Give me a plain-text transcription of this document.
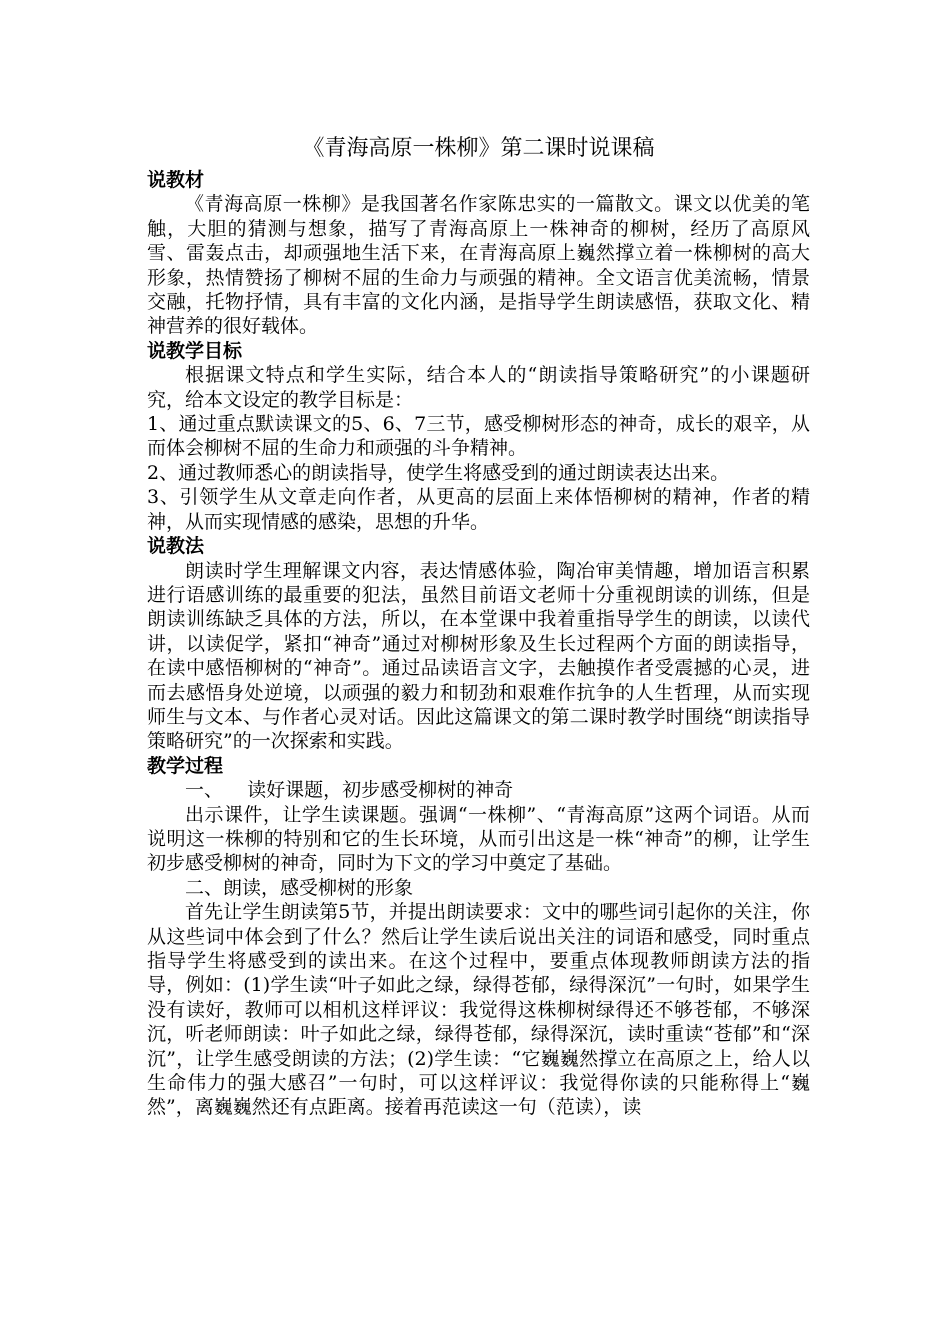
《青海高原一株柳》第二课时说课稿

说教材

《青海高原一株柳》是我国著名作家陈忠实的一篇散文。课文以优美的笔触，大胆的猜测与想象，描写了青海高原上一株神奇的柳树，经历了高原风雪、雷轰点击，却顽强地生活下来，在青海高原上巍然撑立着一株柳树的高大形象，热情赞扬了柳树不屈的生命力与顽强的精神。全文语言优美流畅，情景交融，托物抒情，具有丰富的文化内涵，是指导学生朗读感悟，获取文化、精神营养的很好载体。

说教学目标

根据课文特点和学生实际，结合本人的“朗读指导策略研究”的小课题研究，给本文设定的教学目标是：

1、通过重点默读课文的5、6、7三节，感受柳树形态的神奇，成长的艰辛，从而体会柳树不屈的生命力和顽强的斗争精神。

2、通过教师悉心的朗读指导，使学生将感受到的通过朗读表达出来。

3、引领学生从文章走向作者，从更高的层面上来体悟柳树的精神，作者的精神，从而实现情感的感染，思想的升华。

说教法

朗读时学生理解课文内容，表达情感体验，陶冶审美情趣，增加语言积累进行语感训练的最重要的犯法，虽然目前语文老师十分重视朗读的训练，但是朗读训练缺乏具体的方法，所以，在本堂课中我着重指导学生的朗读，以读代讲，以读促学，紧扣“神奇”通过对柳树形象及生长过程两个方面的朗读指导，在读中感悟柳树的“神奇”。通过品读语言文字，去触摸作者受震撼的心灵，进而去感悟身处逆境，以顽强的毅力和韧劲和艰难作抗争的人生哲理，从而实现师生与文本、与作者心灵对话。因此这篇课文的第二课时教学时围绕“朗读指导策略研究”的一次探索和实践。

教学过程

一、    读好课题，初步感受柳树的神奇

出示课件，让学生读课题。强调“一株柳”、“青海高原”这两个词语。从而说明这一株柳的特别和它的生长环境，从而引出这是一株“神奇”的柳，让学生初步感受柳树的神奇，同时为下文的学习中奠定了基础。

二、朗读，感受柳树的形象

首先让学生朗读第5节，并提出朗读要求：文中的哪些词引起你的关注，你从这些词中体会到了什么？然后让学生读后说出关注的词语和感受，同时重点指导学生将感受到的读出来。在这个过程中，要重点体现教师朗读方法的指导，例如：(1)学生读“叶子如此之绿，绿得苍郁，绿得深沉”一句时，如果学生没有读好，教师可以相机这样评议：我觉得这株柳树绿得还不够苍郁，不够深沉，听老师朗读：叶子如此之绿，绿得苍郁，绿得深沉，读时重读“苍郁”和“深沉”，让学生感受朗读的方法；(2)学生读：“它巍巍然撑立在高原之上，给人以生命伟力的强大感召”一句时，可以这样评议：我觉得你读的只能称得上“巍然”，离巍巍然还有点距离。接着再范读这一句（范读），读
